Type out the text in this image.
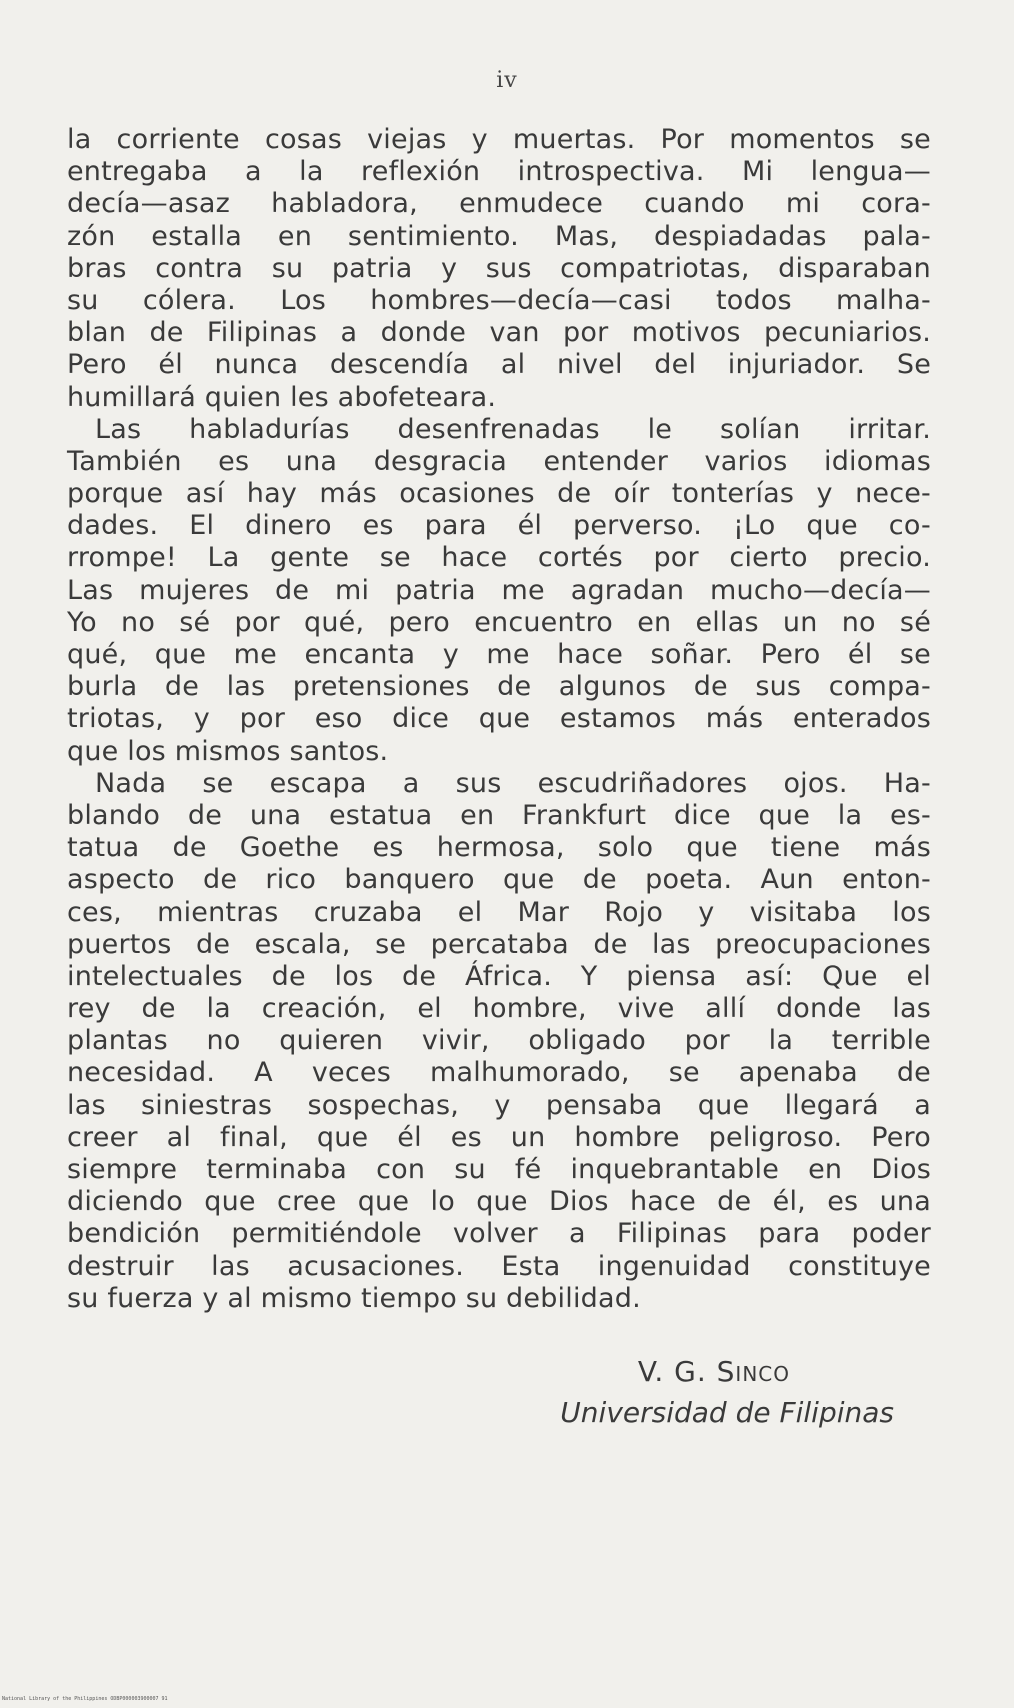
iv
la corriente cosas viejas y muertas. Por momentos se
entregaba a la reflexión introspectiva. Mi lengua—
decía—asaz habladora, enmudece cuando mi cora-
zón estalla en sentimiento. Mas, despiadadas pala-
bras contra su patria y sus compatriotas, disparaban
su cólera. Los hombres—decía—casi todos malha-
blan de Filipinas a donde van por motivos pecuniarios.
Pero él nunca descendía al nivel del injuriador. Se
humillará quien les abofeteara.
Las habladurías desenfrenadas le solían irritar.
También es una desgracia entender varios idiomas
porque así hay más ocasiones de oír tonterías y nece-
dades. El dinero es para él perverso. ¡Lo que co-
rrompe! La gente se hace cortés por cierto precio.
Las mujeres de mi patria me agradan mucho—decía—
Yo no sé por qué, pero encuentro en ellas un no sé
qué, que me encanta y me hace soñar. Pero él se
burla de las pretensiones de algunos de sus compa-
triotas, y por eso dice que estamos más enterados
que los mismos santos.
Nada se escapa a sus escudriñadores ojos. Ha-
blando de una estatua en Frankfurt dice que la es-
tatua de Goethe es hermosa, solo que tiene más
aspecto de rico banquero que de poeta. Aun enton-
ces, mientras cruzaba el Mar Rojo y visitaba los
puertos de escala, se percataba de las preocupaciones
intelectuales de los de África. Y piensa así: Que el
rey de la creación, el hombre, vive allí donde las
plantas no quieren vivir, obligado por la terrible
necesidad. A veces malhumorado, se apenaba de
las siniestras sospechas, y pensaba que llegará a
creer al final, que él es un hombre peligroso. Pero
siempre terminaba con su fé inquebrantable en Dios
diciendo que cree que lo que Dios hace de él, es una
bendición permitiéndole volver a Filipinas para poder
destruir las acusaciones. Esta ingenuidad constituye
su fuerza y al mismo tiempo su debilidad.
V. G. Sinco
Universidad de Filipinas
National Library of the Philippines ODBP000003900007 91
